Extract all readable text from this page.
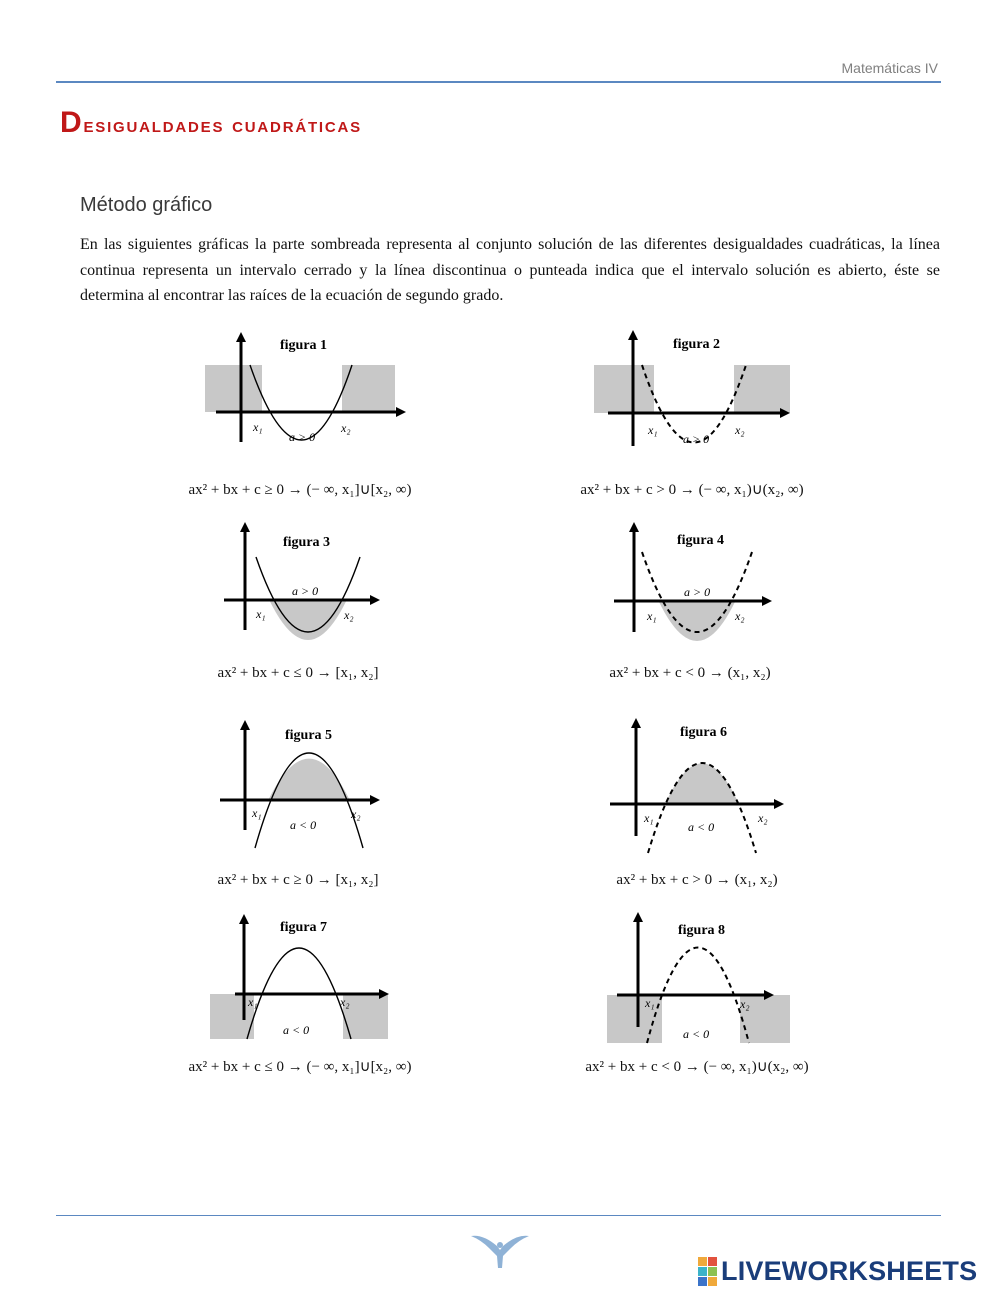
Matemáticas IV
Desigualdades cuadráticas
Método gráfico

En las siguientes gráficas la parte sombreada representa al conjunto solución de las diferentes desigualdades cuadráticas, la línea continua representa un intervalo cerrado y la línea discontinua o punteada indica que el intervalo solución es abierto, éste se determina al encontrar las raíces de la ecuación de segundo grado.

figura 1
x₁	x₂
a > 0
ax² + bx + c ≥ 0 → (− ∞, x₁]∪[x₂, ∞)
figura 2
x₁	x₂
a > 0
ax² + bx + c > 0 → (− ∞, x₁)∪(x₂, ∞)
figura 3
a > 0
x₁	x₂
ax² + bx + c ≤ 0 → [x₁, x₂]
figura 4
a > 0
x₁	x₂
ax² + bx + c < 0 → (x₁, x₂)
figura 5
x₁	x₂
a < 0
ax² + bx + c ≥ 0 → [x₁, x₂]
figura 6
x₁	x₂
a < 0
ax² + bx + c > 0 → (x₁, x₂)
figura 7
x₁	x₂
a < 0
ax² + bx + c ≤ 0 → (− ∞, x₁]∪[x₂, ∞)
figura 8
x₁	x₂
a < 0
ax² + bx + c < 0 → (− ∞, x₁)∪(x₂, ∞)
LIVEWORKSHEETS
